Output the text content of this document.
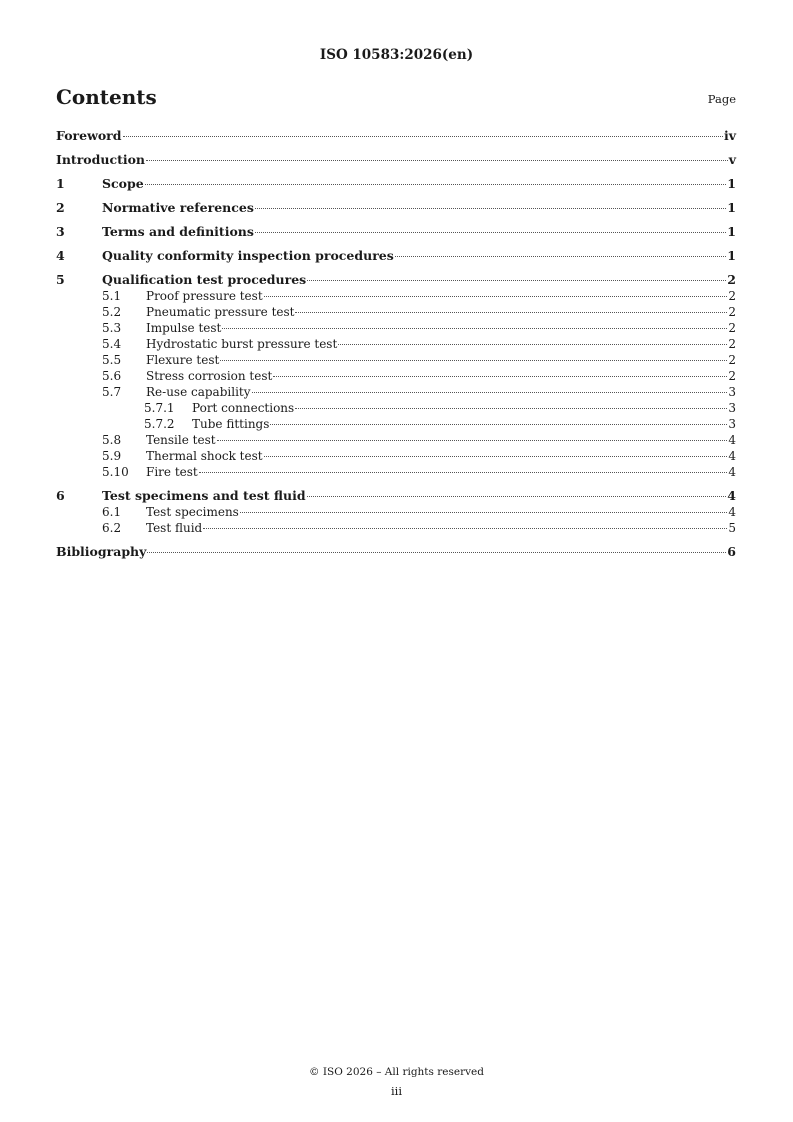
ISO 10583:2026(en)
Contents	Page
Foreword	iv
Introduction	v
1	Scope	1
2	Normative references	1
3	Terms and definitions	1
4	Quality conformity inspection procedures	1
5	Qualification test procedures	2
5.1	Proof pressure test	2
5.2	Pneumatic pressure test	2
5.3	Impulse test	2
5.4	Hydrostatic burst pressure test	2
5.5	Flexure test	2
5.6	Stress corrosion test	2
5.7	Re-use capability	3
5.7.1	Port connections	3
5.7.2	Tube fittings	3
5.8	Tensile test	4
5.9	Thermal shock test	4
5.10	Fire test	4
6	Test specimens and test fluid	4
6.1	Test specimens	4
6.2	Test fluid	5
Bibliography	6
© ISO 2026 – All rights reserved
iii
